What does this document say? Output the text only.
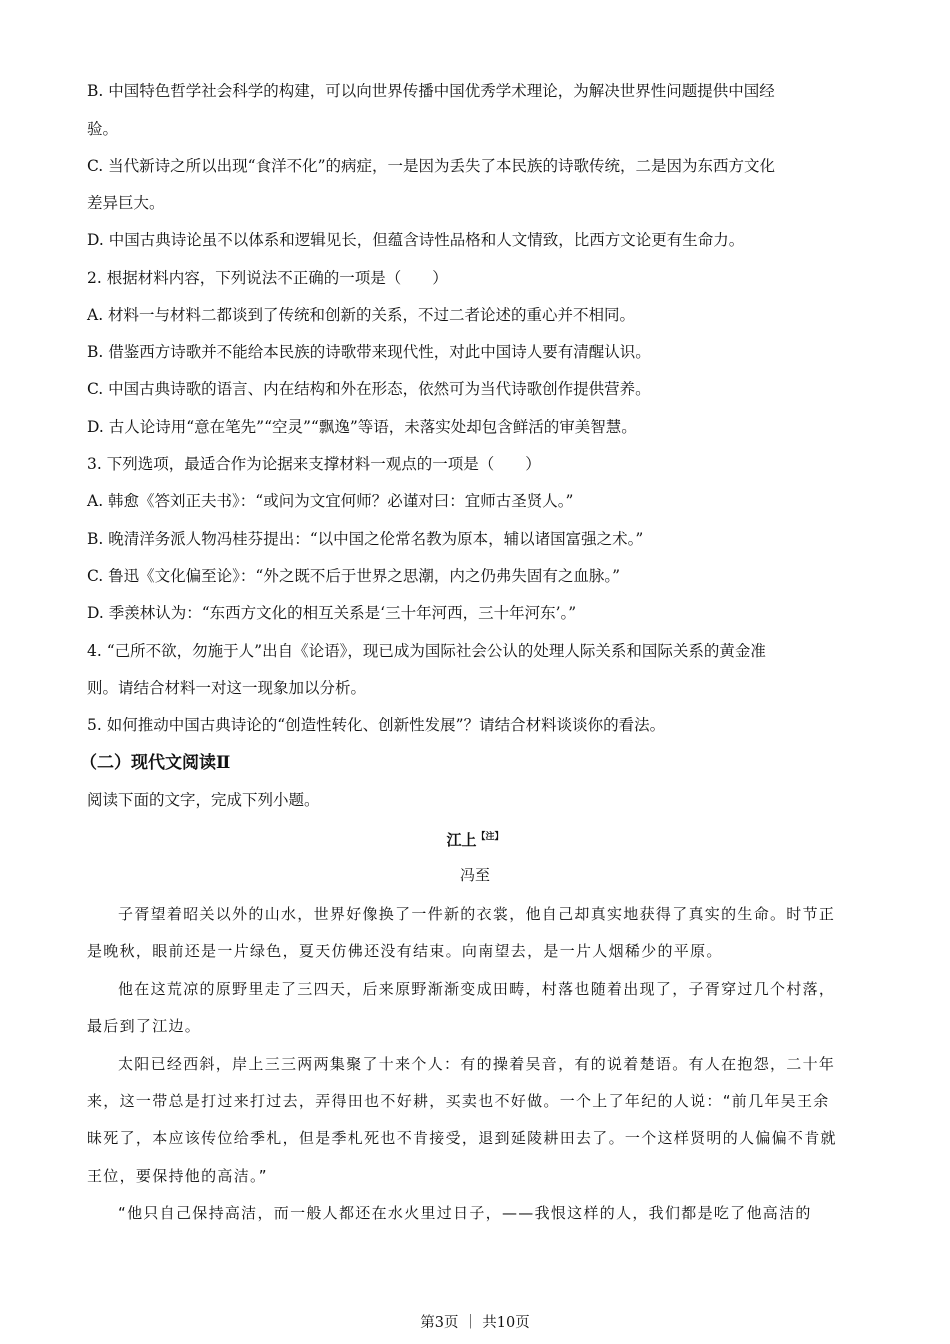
B. 中国特色哲学社会科学的构建，可以向世界传播中国优秀学术理论，为解决世界性问题提供中国经
验。
C. 当代新诗之所以出现“食洋不化”的病症，一是因为丢失了本民族的诗歌传统，二是因为东西方文化
差异巨大。
D. 中国古典诗论虽不以体系和逻辑见长，但蕴含诗性品格和人文情致，比西方文论更有生命力。
2. 根据材料内容，下列说法不正确的一项是（　　）
A. 材料一与材料二都谈到了传统和创新的关系，不过二者论述的重心并不相同。
B. 借鉴西方诗歌并不能给本民族的诗歌带来现代性，对此中国诗人要有清醒认识。
C. 中国古典诗歌的语言、内在结构和外在形态，依然可为当代诗歌创作提供营养。
D. 古人论诗用“意在笔先”“空灵”“飘逸”等语，未落实处却包含鲜活的审美智慧。
3. 下列选项，最适合作为论据来支撑材料一观点的一项是（　　）
A. 韩愈《答刘正夫书》：“或问为文宜何师？必谨对曰：宜师古圣贤人。”
B. 晚清洋务派人物冯桂芬提出：“以中国之伦常名教为原本，辅以诸国富强之术。”
C. 鲁迅《文化偏至论》：“外之既不后于世界之思潮，内之仍弗失固有之血脉。”
D. 季羡林认为：“东西方文化的相互关系是‘三十年河西，三十年河东’。”
4. “己所不欲，勿施于人”出自《论语》，现已成为国际社会公认的处理人际关系和国际关系的黄金准
则。请结合材料一对这一现象加以分析。
5. 如何推动中国古典诗论的“创造性转化、创新性发展”？请结合材料谈谈你的看法。
（二）现代文阅读Ⅱ
阅读下面的文字，完成下列小题。
江上$^{【注】}$
冯至
子胥望着昭关以外的山水，世界好像换了一件新的衣裳，他自己却真实地获得了真实的生命。时节正
是晚秋，眼前还是一片绿色，夏天仿佛还没有结束。向南望去，是一片人烟稀少的平原。
他在这荒凉的原野里走了三四天，后来原野渐渐变成田畴，村落也随着出现了，子胥穿过几个村落，
最后到了江边。
太阳已经西斜，岸上三三两两集聚了十来个人：有的操着吴音，有的说着楚语。有人在抱怨，二十年
来，这一带总是打过来打过去，弄得田也不好耕，买卖也不好做。一个上了年纪的人说：“前几年吴王余
昧死了，本应该传位给季札，但是季札死也不肯接受，退到延陵耕田去了。一个这样贤明的人偏偏不肯就
王位，要保持他的高洁。”
“他只自己保持高洁，而一般人都还在水火里过日子，——我恨这样的人，我们都是吃了他高洁的
第3页 ｜ 共10页
